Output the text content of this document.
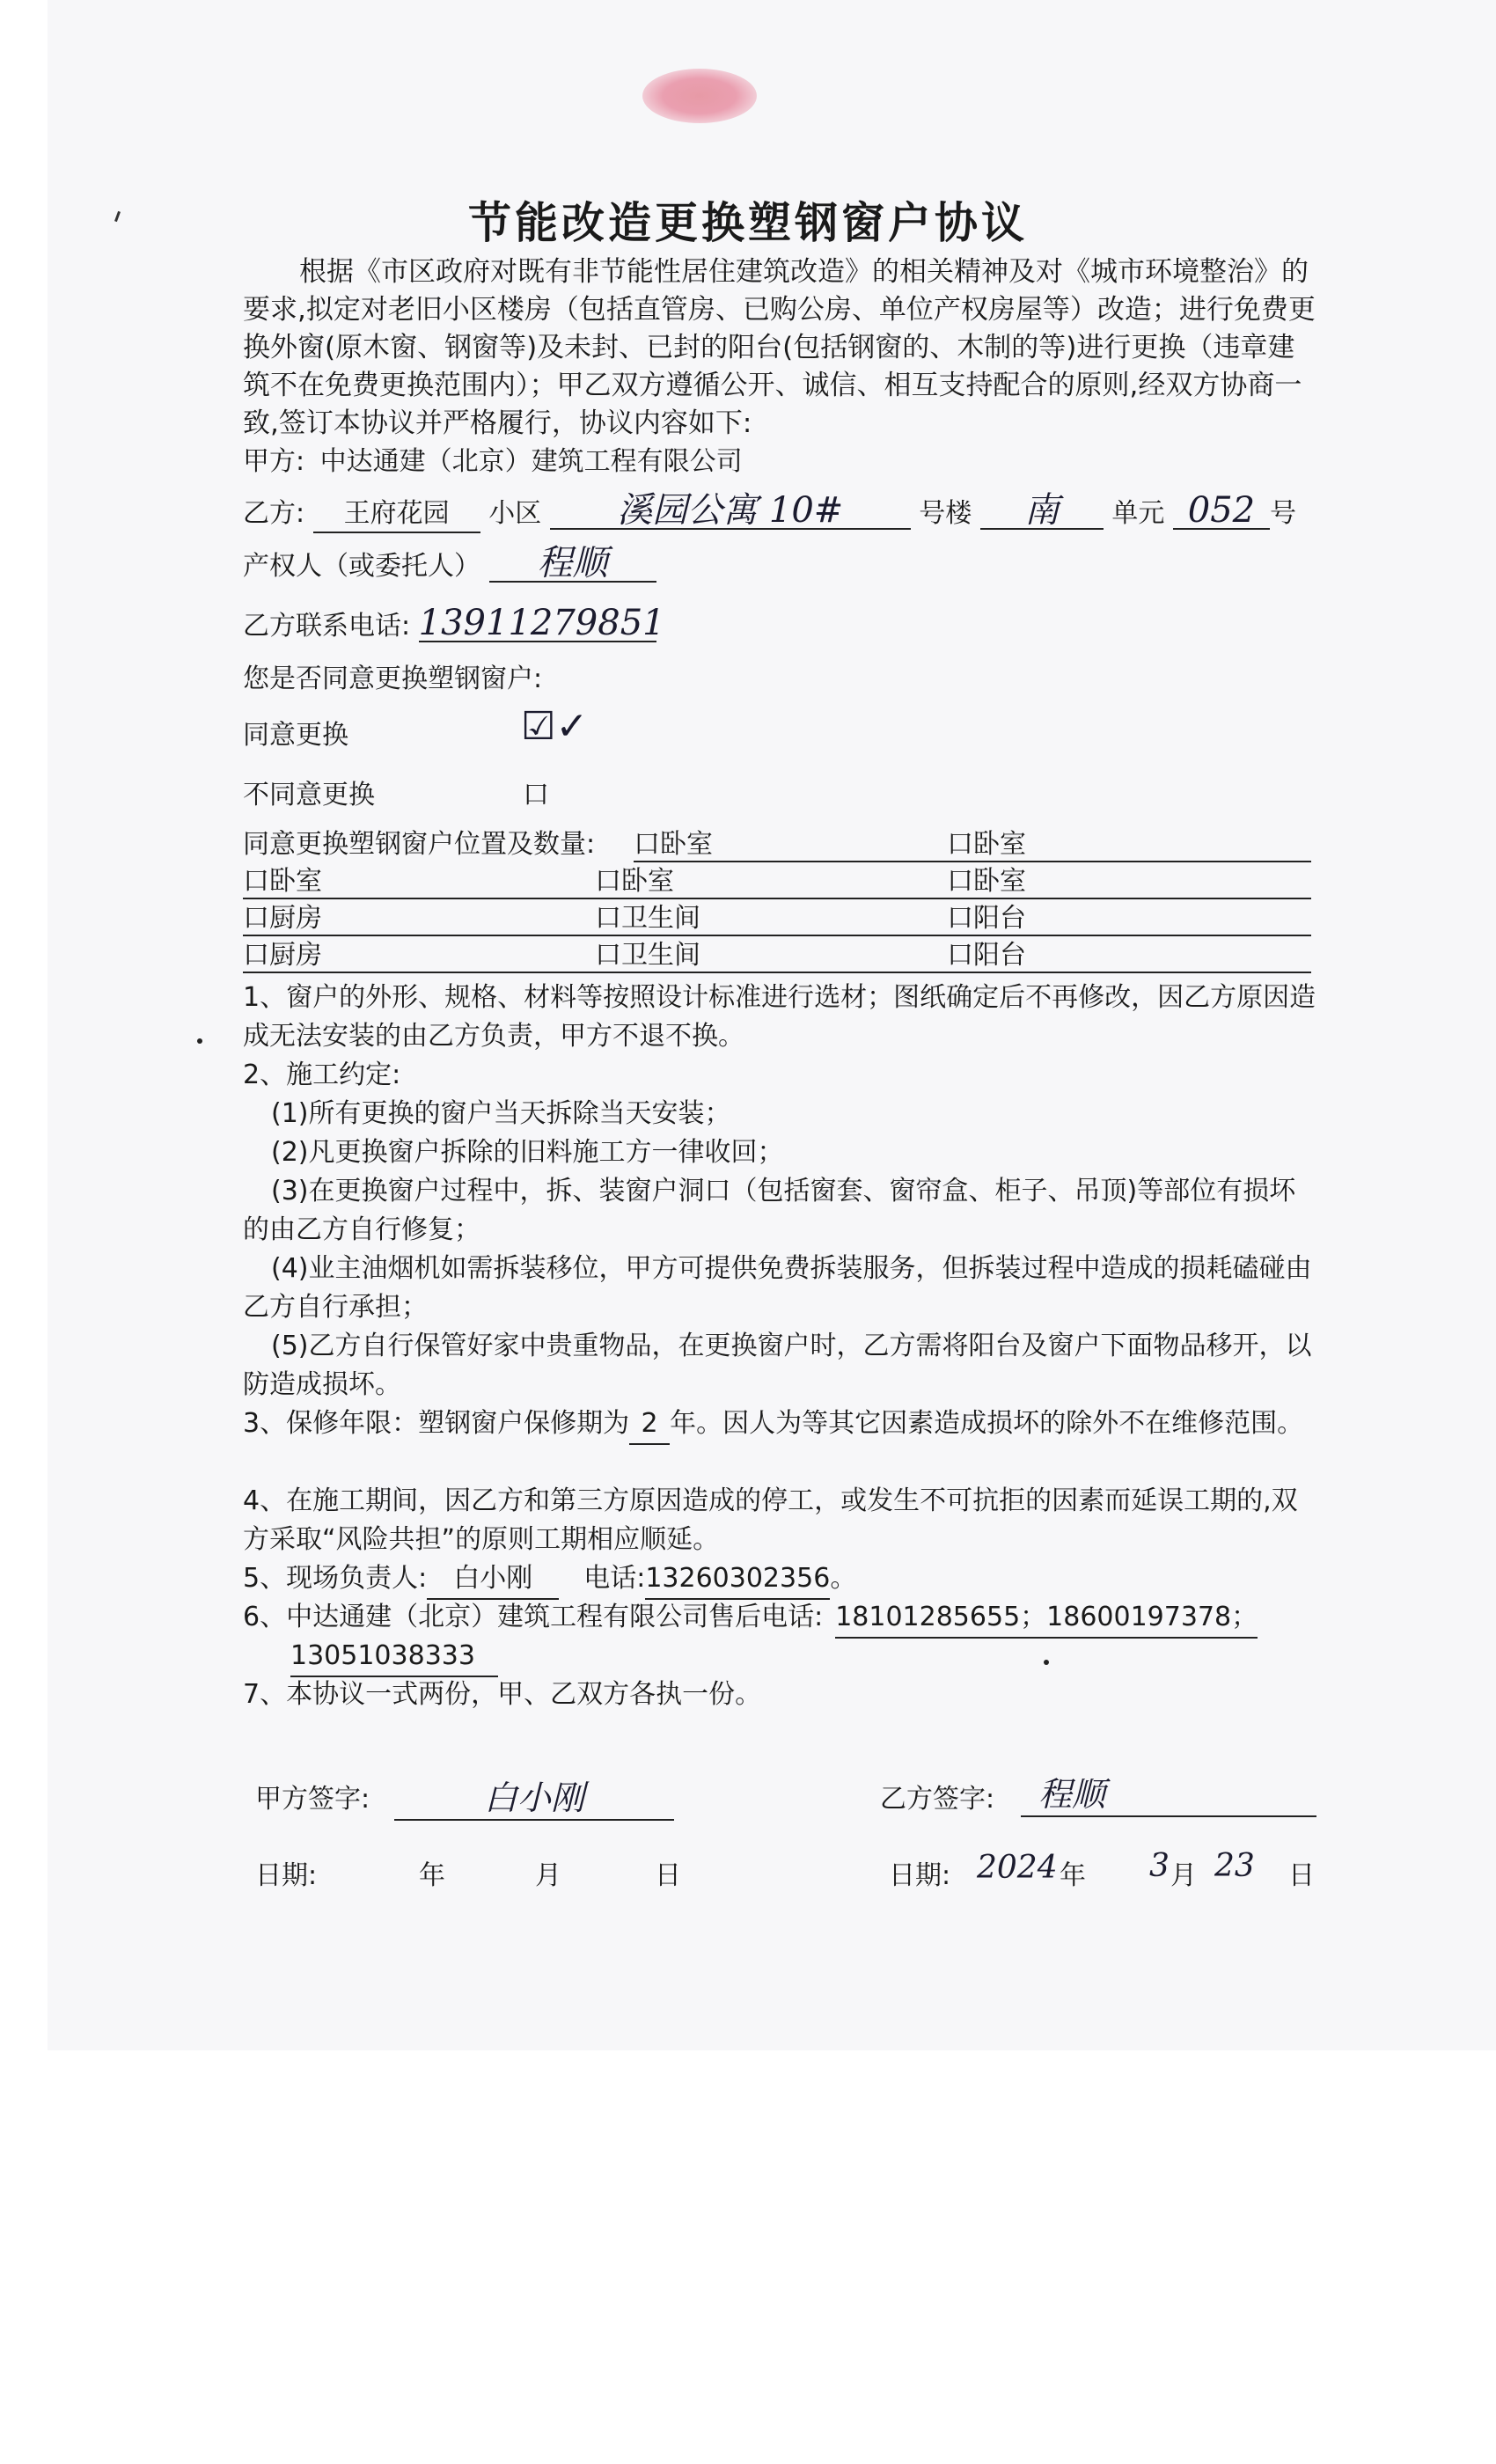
节能改造更换塑钢窗户协议
根据《市区政府对既有非节能性居住建筑改造》的相关精神及对《城市环境整治》的要求,拟定对老旧小区楼房（包括直管房、已购公房、单位产权房屋等）改造；进行免费更换外窗(原木窗、钢窗等)及未封、已封的阳台(包括钢窗的、木制的等)进行更换（违章建筑不在免费更换范围内）；甲乙双方遵循公开、诚信、相互支持配合的原则,经双方协商一致,签订本协议并严格履行，协议内容如下:
甲方: 中达通建（北京）建筑工程有限公司
乙方: 王府花园 小区 溪园公寓 10#	号楼 南 单元 052 号
产权人（或委托人） 程顺
乙方联系电话: 13911279851
您是否同意更换塑钢窗户:
同意更换	☑✓
不同意更换	口
同意更换塑钢窗户位置及数量: 口卧室	口卧室
口卧室	口卧室	口卧室
口厨房	口卫生间	口阳台
口厨房	口卫生间	口阳台
1、窗户的外形、规格、材料等按照设计标准进行选材；图纸确定后不再修改，因乙方原因造成无法安装的由乙方负责，甲方不退不换。
2、施工约定:
(1)所有更换的窗户当天拆除当天安装；
(2)凡更换窗户拆除的旧料施工方一律收回；
(3)在更换窗户过程中，拆、装窗户洞口（包括窗套、窗帘盒、柜子、吊顶)等部位有损坏的由乙方自行修复；
(4)业主油烟机如需拆装移位，甲方可提供免费拆装服务，但拆装过程中造成的损耗磕碰由乙方自行承担；
(5)乙方自行保管好家中贵重物品，在更换窗户时，乙方需将阳台及窗户下面物品移开，以防造成损坏。
3、保修年限：塑钢窗户保修期为 2 年。因人为等其它因素造成损坏的除外不在维修范围。
4、在施工期间，因乙方和第三方原因造成的停工，或发生不可抗拒的因素而延误工期的,双方采取“风险共担”的原则工期相应顺延。
5、现场负责人: 白小刚 电话:13260302356。
6、中达通建（北京）建筑工程有限公司售后电话: 18101285655；18600197378；
13051038333
7、本协议一式两份，甲、乙双方各执一份。
甲方签字:	白小刚	乙方签字:	程顺
日期:	年	月	日	日期: 2024 年 3 月 23 日
